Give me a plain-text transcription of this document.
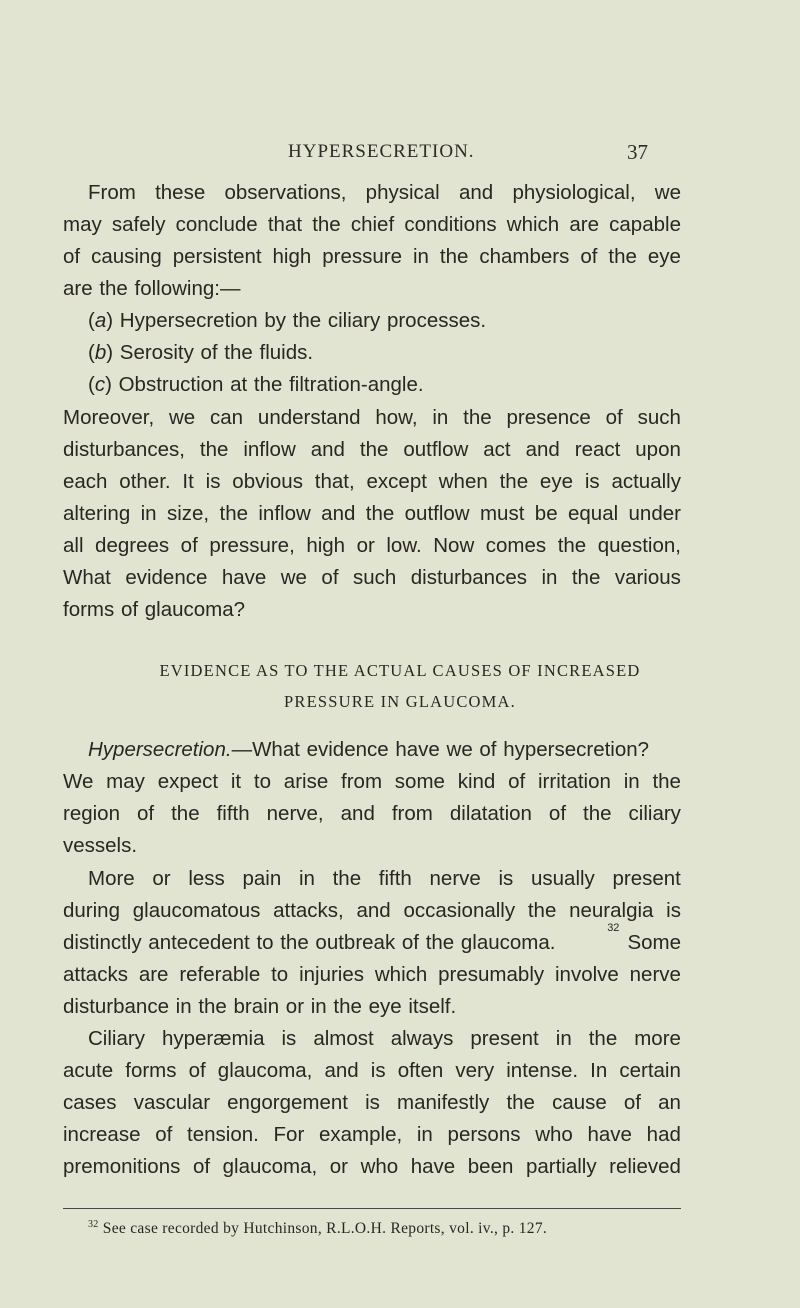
HYPERSECRETION.	37
From these observations, physical and physiological, we
may safely conclude that the chief conditions which are capable
of causing persistent high pressure in the chambers of the eye
are the following:—
(a) Hypersecretion by the ciliary processes.
(b) Serosity of the fluids.
(c) Obstruction at the filtration-angle.
Moreover, we can understand how, in the presence of such
disturbances, the inflow and the outflow act and react upon
each other. It is obvious that, except when the eye is actually
altering in size, the inflow and the outflow must be equal under
all degrees of pressure, high or low. Now comes the question,
What evidence have we of such disturbances in the various
forms of glaucoma?
EVIDENCE AS TO THE ACTUAL CAUSES OF INCREASED
PRESSURE IN GLAUCOMA.
Hypersecretion.—What evidence have we of hypersecretion?
We may expect it to arise from some kind of irritation in the
region of the fifth nerve, and from dilatation of the ciliary
vessels.
More or less pain in the fifth nerve is usually present
during glaucomatous attacks, and occasionally the neuralgia is
distinctly antecedent to the outbreak of the glaucoma.
32
Some
attacks are referable to injuries which presumably involve nerve
disturbance in the brain or in the eye itself.
Ciliary hyperæmia is almost always present in the more
acute forms of glaucoma, and is often very intense. In certain
cases vascular engorgement is manifestly the cause of an
increase of tension. For example, in persons who have had
premonitions of glaucoma, or who have been partially relieved
$^{32}$ See case recorded by Hutchinson, R.L.O.H. Reports, vol. iv., p. 127.
